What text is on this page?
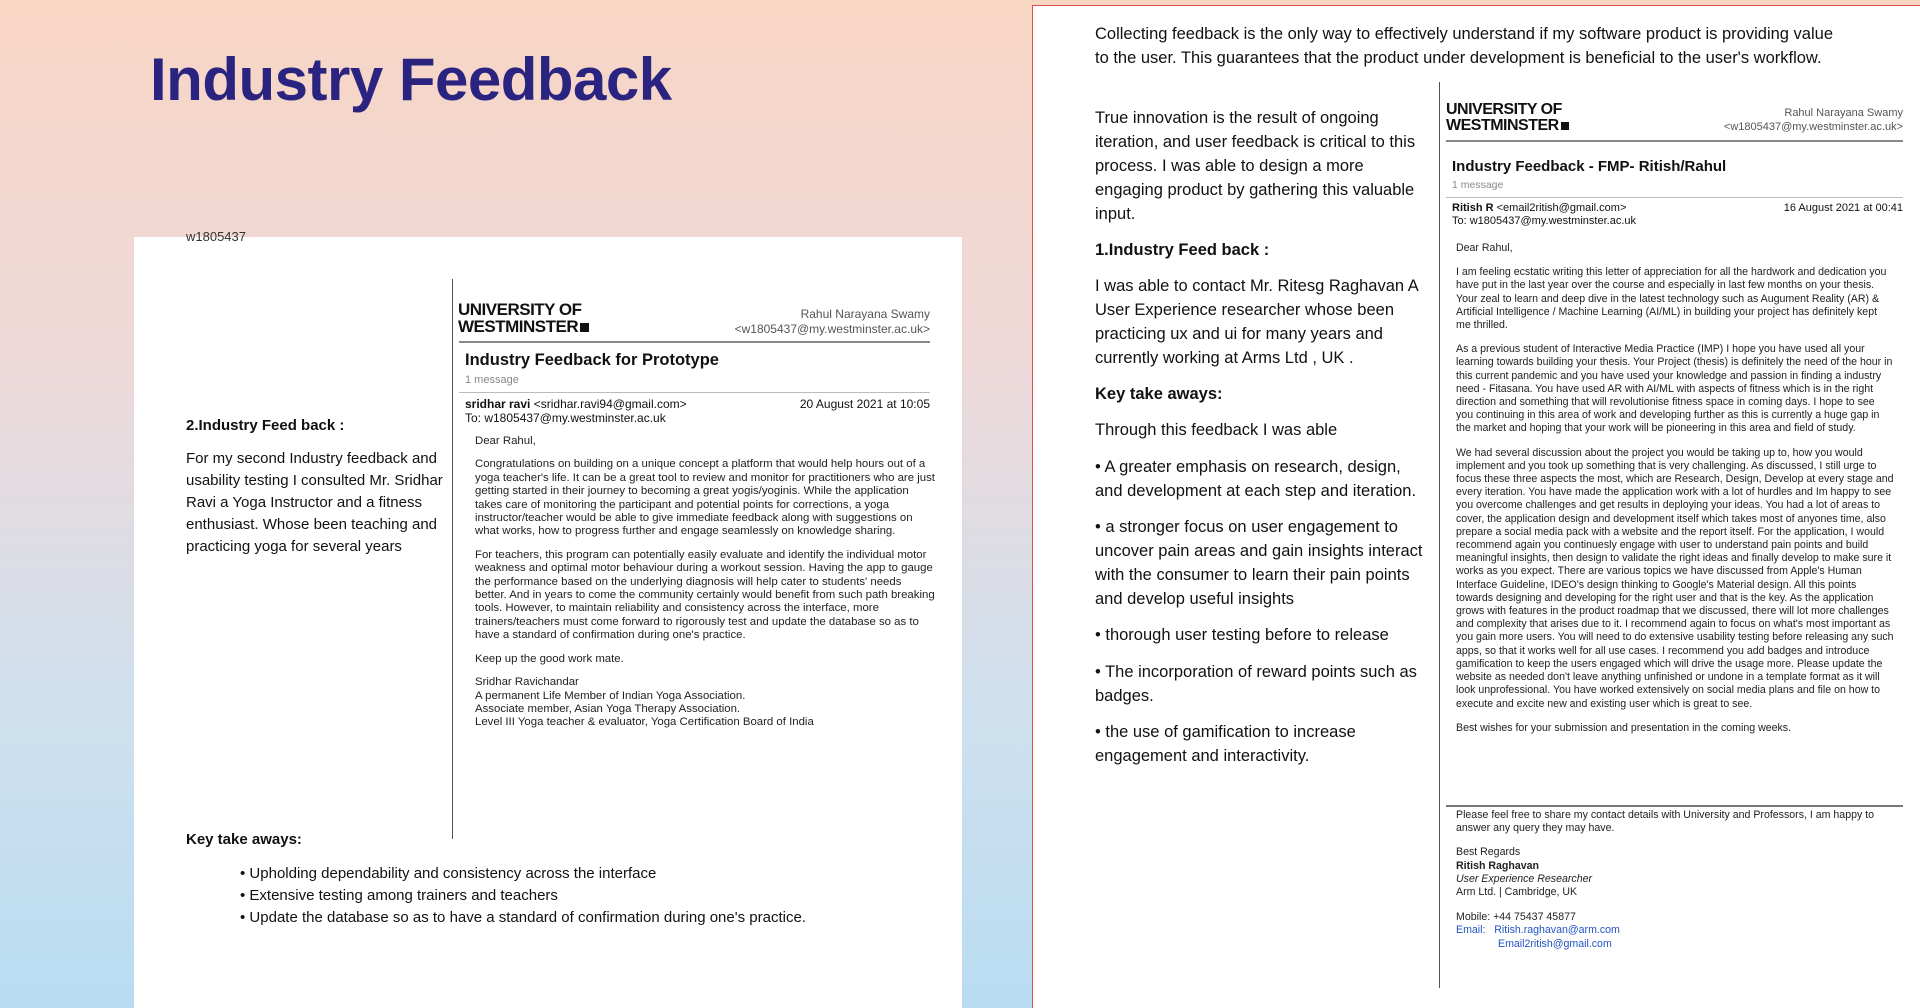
Industry Feedback
w1805437
2.Industry Feed back :
For my second Industry feedback and usability testing I consulted Mr. Sridhar Ravi a Yoga Instructor and a fitness enthusiast. Whose been teaching and practicing yoga for several years
UNIVERSITY OF
WESTMINSTER
Rahul Narayana Swamy
<w1805437@my.westminster.ac.uk>
Industry Feedback for Prototype
1 message
sridhar ravi <sridhar.ravi94@gmail.com>	20 August 2021 at 10:05
To: w1805437@my.westminster.ac.uk

Dear Rahul,

Congratulations on building on a unique concept a platform that would help hours out of a yoga teacher's life. It can be a great tool to review and monitor for practitioners who are just getting started in their journey to becoming a great yogis/yoginis. While the application takes care of monitoring the participant and potential points for corrections, a yoga instructor/teacher would be able to give immediate feedback along with suggestions on what works, how to progress further and engage seamlessly on knowledge sharing.

For teachers, this program can potentially easily evaluate and identify the individual motor weakness and optimal motor behaviour during a workout session. Having the app to gauge the performance based on the underlying diagnosis will help cater to students' needs better. And in years to come the community certainly would benefit from such path breaking tools. However, to maintain reliability and consistency across the interface, more trainers/teachers must come forward to rigorously test and update the database so as to have a standard of confirmation during one's practice.

Keep up the good work mate.

Sridhar Ravichandar
A permanent Life Member of Indian Yoga Association.
Associate member, Asian Yoga Therapy Association.
Level III Yoga teacher & evaluator, Yoga Certification Board of India
Key take aways:
• Upholding dependability and consistency across the interface
• Extensive testing among trainers and teachers
• Update the database so as to have a standard of confirmation during one's practice.
Collecting feedback is the only way to effectively understand if my software product is providing value to the user. This guarantees that the product under development is beneficial to the user's workflow.
True innovation is the result of ongoing iteration, and user feedback is critical to this process. I was able to design a more engaging product by gathering this valuable input.
1.Industry Feed back :
I was able to contact Mr. Ritesg Raghavan A User Experience researcher whose been practicing ux and ui for many years and currently working at Arms Ltd , UK .
Key take aways:
Through this feedback I was able
• A greater emphasis on research, design, and development at each step and iteration.
• a stronger focus on user engagement to uncover pain areas and gain insights interact with the consumer to learn their pain points and develop useful insights
• thorough user testing before to release
• The incorporation of reward points such as badges.
• the use of gamification to increase engagement and interactivity.
UNIVERSITY OF
WESTMINSTER
Rahul Narayana Swamy
<w1805437@my.westminster.ac.uk>
Industry Feedback - FMP- Ritish/Rahul
1 message
Ritish R <email2ritish@gmail.com>	16 August 2021 at 00:41
To: w1805437@my.westminster.ac.uk

Dear Rahul,

I am feeling ecstatic writing this letter of appreciation for all the hardwork and dedication you have put in the last year over the course and especially in last few months on your thesis. Your zeal to learn and deep dive in the latest technology such as Augument Reality (AR) & Artificial Intelligence / Machine Learning (AI/ML) in building your project has definitely kept me thrilled.

As a previous student of Interactive Media Practice (IMP) I hope you have used all your learning towards building your thesis. Your Project (thesis) is definitely the need of the hour in this current pandemic and you have used your knowledge and passion in finding a industry need - Fitasana. You have used AR with AI/ML with aspects of fitness which is in the right direction and something that will revolutionise fitness space in coming days. I hope to see you continuing in this area of work and developing further as this is currently a huge gap in the market and hoping that your work will be pioneering in this area and field of study.

We had several discussion about the project you would be taking up to, how you would implement and you took up something that is very challenging. As discussed, I still urge to focus these three aspects the most, which are Research, Design, Develop at every stage and every iteration. You have made the application work with a lot of hurdles and Im happy to see you overcome challenges and get results in deploying your ideas. You had a lot of areas to cover, the application design and development itself which takes most of anyones time, also prepare a social media pack with a website and the report itself. For the application, I would recommend again you continuesly engage with user to understand pain points and build meaningful insights, then design to validate the right ideas and finally develop to make sure it works as you expect. There are various topics we have discussed from Apple's Human Interface Guideline, IDEO's design thinking to Google's Material design. All this points towards designing and developing for the right user and that is the key. As the application grows with features in the product roadmap that we discussed, there will lot more challenges and complexity that arises due to it. I recommend again to focus on what's most important as you gain more users. You will need to do extensive usability testing before releasing any such apps, so that it works well for all use cases. I recommend you add badges and introduce gamification to keep the users engaged which will drive the usage more. Please update the website as needed don't leave anything unfinished or undone in a template format as it will look unprofessional. You have worked extensively on social media plans and file on how to execute and excite new and existing user which is great to see.

Best wishes for your submission and presentation in the coming weeks.

Please feel free to share my contact details with University and Professors, I am happy to answer any query they may have.

Best Regards
Ritish Raghavan
User Experience Researcher
Arm Ltd. | Cambridge, UK
Mobile: +44 75437 45877
Email: Ritish.raghavan@arm.com
Email2ritish@gmail.com
